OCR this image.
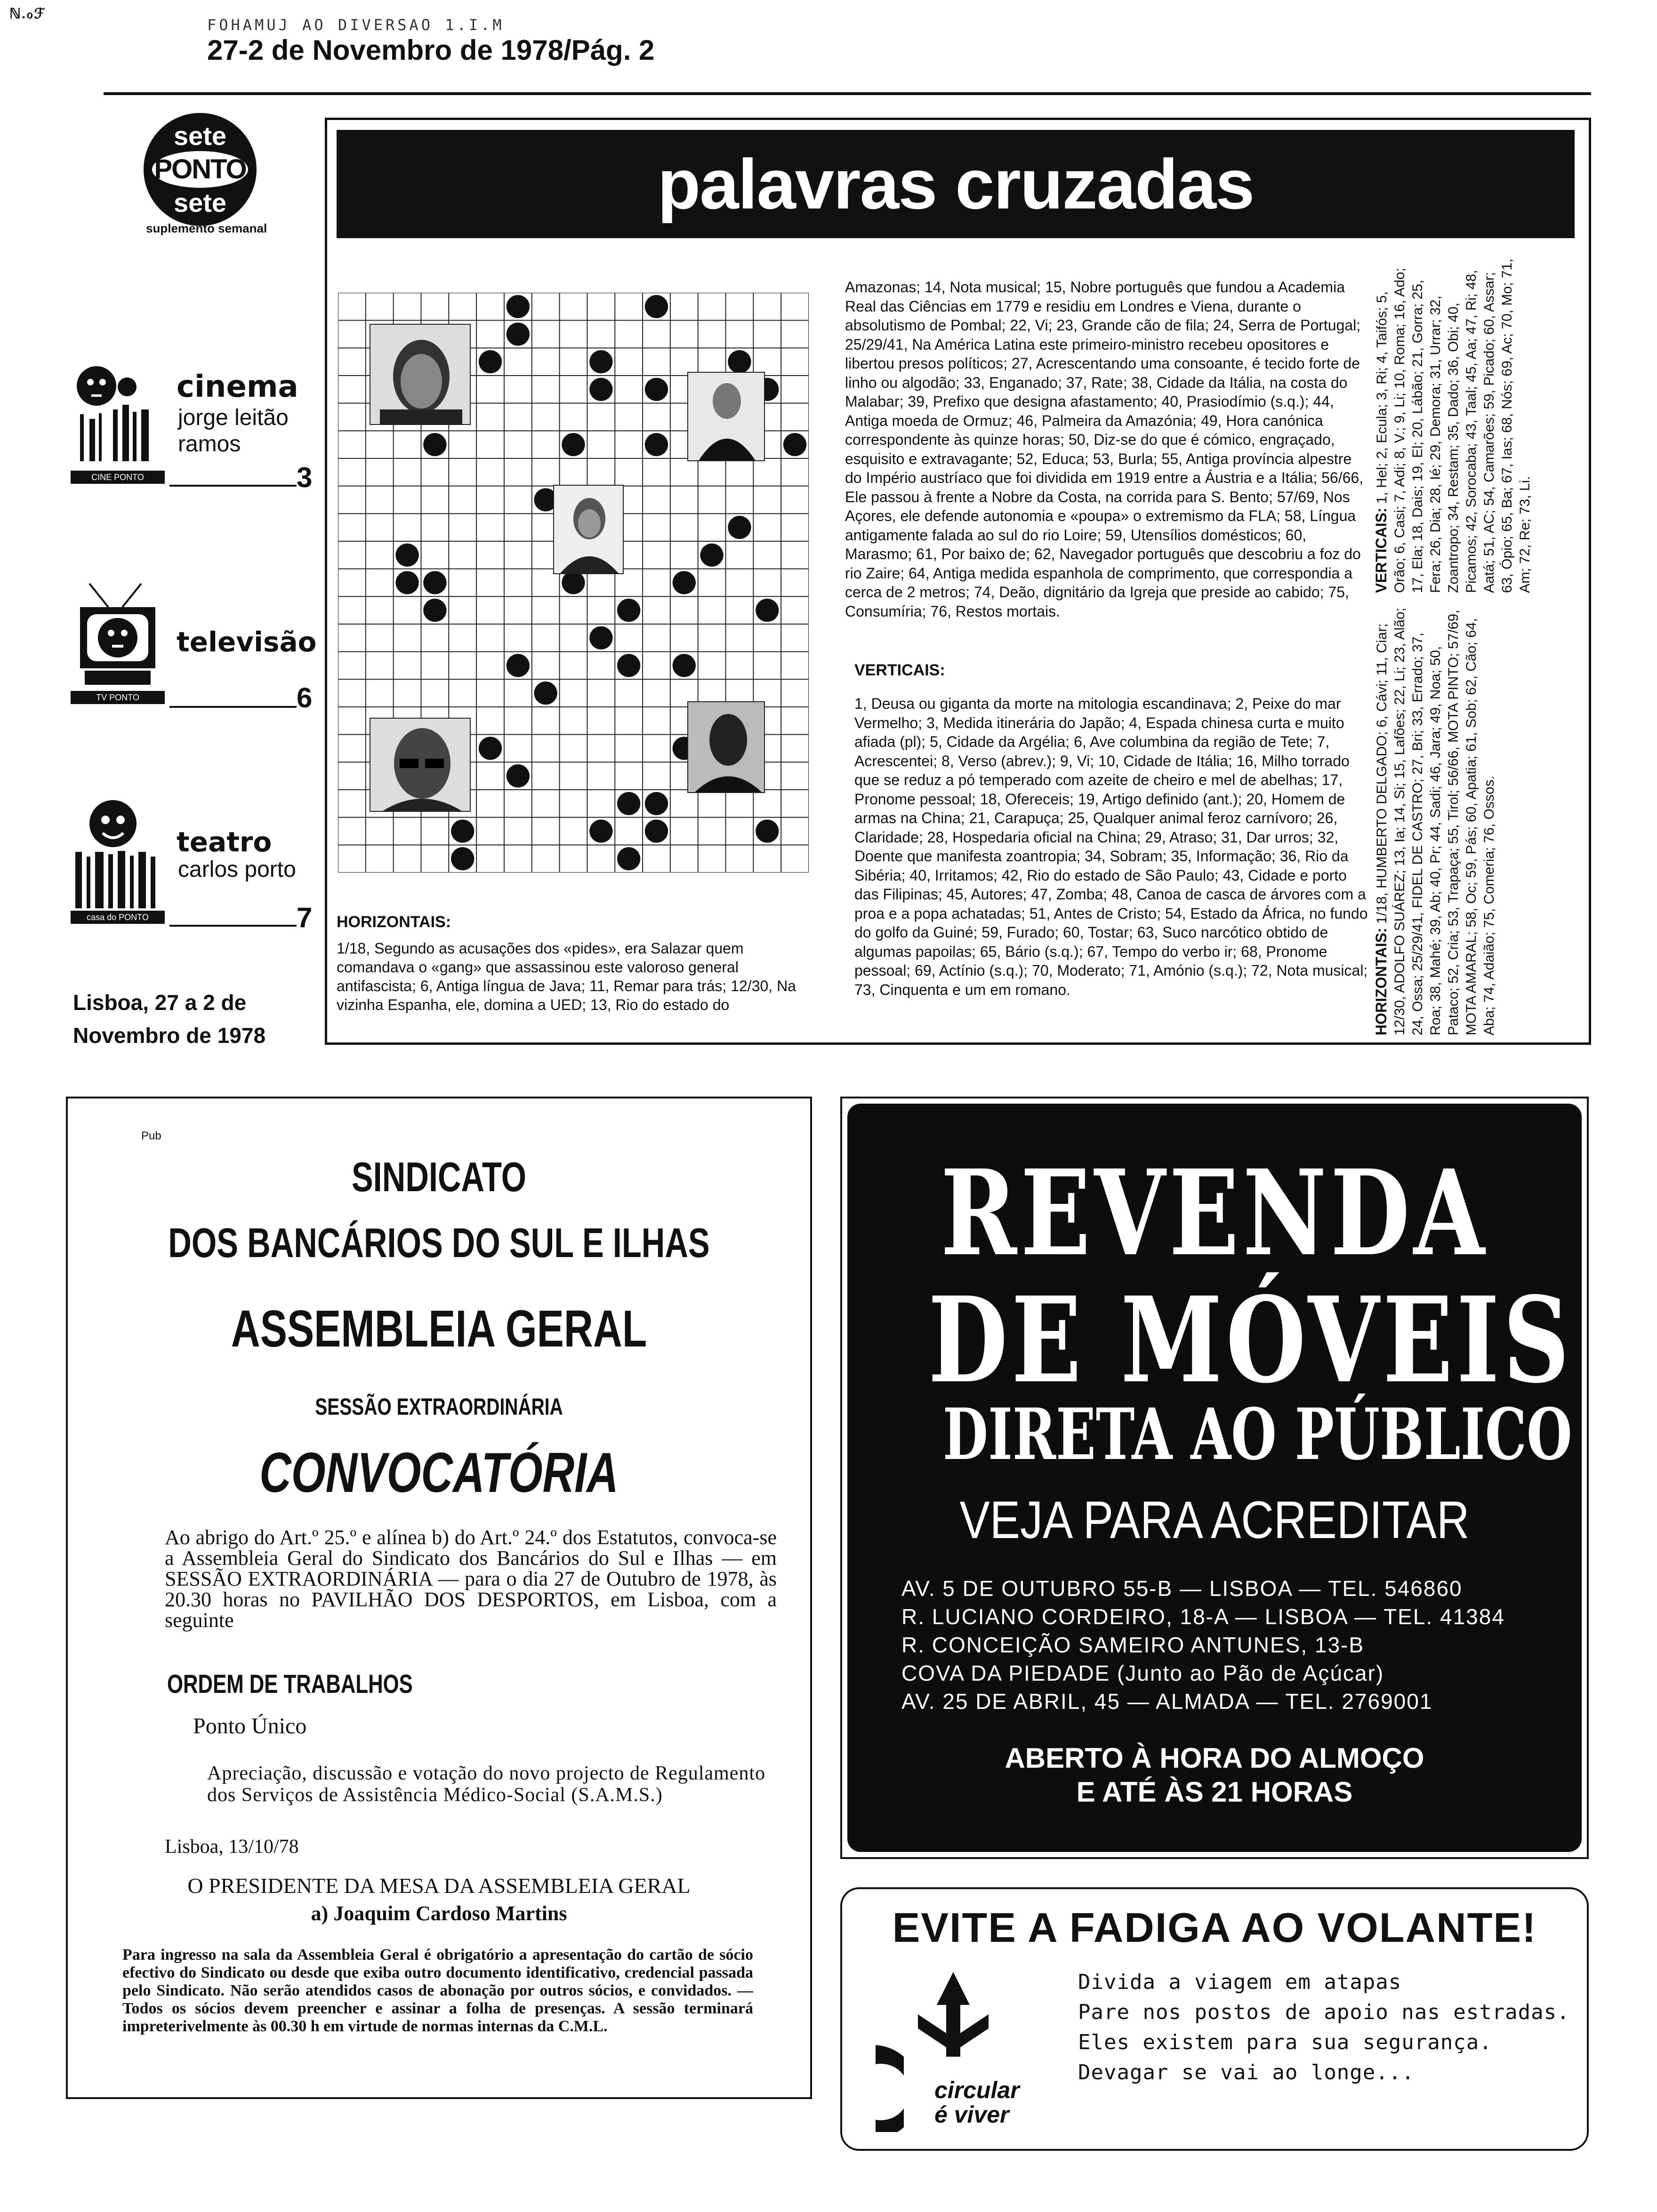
ℕ.ℴℱ
FOHAMUJ AO DIVERSAO 1.I.M
27-2 de Novembro de 1978/Pág. 2
sete
PONTO
sete
suplemento semanal
cinema
jorge leitão ramos
CINE PONTO	3
televisão
TV PONTO	6
teatro
carlos porto
casa do PONTO	7
Lisboa, 27 a 2 de Novembro de 1978
palavras cruzadas
HORIZONTAIS:
1/18, Segundo as acusações dos «pides», era Salazar quem comandava o «gang» que assassinou este valoroso general antifascista; 6, Antiga língua de Java; 11, Remar para trás; 12/30, Na vizinha Espanha, ele, domina a UED; 13, Rio do estado do
Amazonas; 14, Nota musical; 15, Nobre português que fundou a Academia Real das Ciências em 1779 e residiu em Londres e Viena, durante o absolutismo de Pombal; 22, Vi; 23, Grande cão de fila; 24, Serra de Portugal; 25/29/41, Na América Latina este primeiro-ministro recebeu opositores e libertou presos políticos; 27, Acrescentando uma consoante, é tecido forte de linho ou algodão; 33, Enganado; 37, Rate; 38, Cidade da Itália, na costa do Malabar; 39, Prefixo que designa afastamento; 40, Prasiodímio (s.q.); 44, Antiga moeda de Ormuz; 46, Palmeira da Amazónia; 49, Hora canónica correspondente às quinze horas; 50, Diz-se do que é cómico, engraçado, esquisito e extravagante; 52, Educa; 53, Burla; 55, Antiga província alpestre do Império austríaco que foi dividida em 1919 entre a Áustria e a Itália; 56/66, Ele passou à frente a Nobre da Costa, na corrida para S. Bento; 57/69, Nos Açores, ele defende autonomia e «poupa» o extremismo da FLA; 58, Língua antigamente falada ao sul do rio Loire; 59, Utensílios domésticos; 60, Marasmo; 61, Por baixo de; 62, Navegador português que descobriu a foz do rio Zaire; 64, Antiga medida espanhola de comprimento, que correspondia a cerca de 2 metros; 74, Deão, dignitário da Igreja que preside ao cabido; 75, Consumíria; 76, Restos mortais.
VERTICAIS:
1, Deusa ou giganta da morte na mitologia escandinava; 2, Peixe do mar Vermelho; 3, Medida itinerária do Japão; 4, Espada chinesa curta e muito afiada (pl); 5, Cidade da Argélia; 6, Ave columbina da região de Tete; 7, Acrescentei; 8, Verso (abrev.); 9, Vi; 10, Cidade de Itália; 16, Milho torrado que se reduz a pó temperado com azeite de cheiro e mel de abelhas; 17, Pronome pessoal; 18, Ofereceis; 19, Artigo definido (ant.); 20, Homem de armas na China; 21, Carapuça; 25, Qualquer animal feroz carnívoro; 26, Claridade; 28, Hospedaria oficial na China; 29, Atraso; 31, Dar urros; 32, Doente que manifesta zoantropia; 34, Sobram; 35, Informação; 36, Rio da Sibéria; 40, Irritamos; 42, Rio do estado de São Paulo; 43, Cidade e porto das Filipinas; 45, Autores; 47, Zomba; 48, Canoa de casca de árvores com a proa e a popa achatadas; 51, Antes de Cristo; 54, Estado da África, no fundo do golfo da Guiné; 59, Furado; 60, Tostar; 63, Suco narcótico obtido de algumas papoilas; 65, Bário (s.q.); 67, Tempo do verbo ir; 68, Pronome pessoal; 69, Actínio (s.q.); 70, Moderato; 71, Amónio (s.q.); 72, Nota musical; 73, Cinquenta e um em romano.	HORIZONTAIS: 1/18, HUMBERTO DELGADO; 6, Cávi; 11, Ciar; 12/30, ADOLFO SUÁREZ; 13, Ia; 14, Si; 15, Lafões; 22, Li; 23, Alão; 24, Ossa; 25/29/41, FIDEL DE CASTRO; 27, Bri; 33, Errado; 37, Roa; 38, Mahé; 39, Ab; 40, Pr; 44, Sadi; 46, Jara; 49, Noa; 50, Pataco; 52, Cria; 53, Trapaça; 55, Tirol; 56/66, MOTA PINTO; 57/69, MOTA AMARAL; 58, Oc; 59, Pás; 60, Apatia; 61, Sob; 62, Cão; 64, Aba; 74, Adaião; 75, Comeria; 76, Ossos.
VERTICAIS: 1, Hel; 2, Ecula; 3, Ri; 4, Taifós; 5, Orão; 6, Casi; 7, Adi; 8, V.; 9, Li; 10, Roma; 16, Ado; 17, Ela; 18, Dais; 19, El; 20, Lábão; 21, Gorra; 25, Fera; 26, Dia; 28, Ié; 29, Demora; 31, Urrar; 32, Zoantropo; 34, Restam; 35, Dado; 36, Obi; 40, Picamos; 42, Sorocaba; 43, Taal; 45, Aa; 47, Ri; 48, Aatá; 51, AC; 54, Camarões; 59, Picado; 60, Assar; 63, Ópio; 65, Ba; 67, Ias; 68, Nós; 69, Ac; 70, Mo; 71, Am; 72, Re; 73, Li.
Pub
SINDICATO
DOS BANCÁRIOS DO SUL E ILHAS
ASSEMBLEIA GERAL
SESSÃO EXTRAORDINÁRIA
CONVOCATÓRIA
Ao abrigo do Art.º 25.º e alínea b) do Art.º 24.º dos Estatutos, convoca-se a Assembleia Geral do Sindicato dos Bancários do Sul e Ilhas — em SESSÃO EXTRAORDINÁRIA — para o dia 27 de Outubro de 1978, às 20.30 horas no PAVILHÃO DOS DESPORTOS, em Lisboa, com a seguinte
ORDEM DE TRABALHOS
Ponto Único
Apreciação, discussão e votação do novo projecto de Regulamento dos Serviços de Assistência Médico-Social (S.A.M.S.)
Lisboa, 13/10/78
O PRESIDENTE DA MESA DA ASSEMBLEIA GERAL
a) Joaquim Cardoso Martins
Para ingresso na sala da Assembleia Geral é obrigatório a apresentação do cartão de sócio efectivo do Sindicato ou desde que exiba outro documento identificativo, credencial passada pelo Sindicato. Não serão atendidos casos de abonação por outros sócios, e convidados. — Todos os sócios devem preencher e assinar a folha de presenças. A sessão terminará impreterivelmente às 00.30 h em virtude de normas internas da C.M.L.
REVENDA
DE MÓVEIS
DIRETA AO PÚBLICO
VEJA PARA ACREDITAR
AV. 5 DE OUTUBRO 55-B — LISBOA — TEL. 546860
R. LUCIANO CORDEIRO, 18-A — LISBOA — TEL. 41384
R. CONCEIÇÃO SAMEIRO ANTUNES, 13-B
COVA DA PIEDADE (Junto ao Pão de Açúcar)
AV. 25 DE ABRIL, 45 — ALMADA — TEL. 2769001
ABERTO À HORA DO ALMOÇO
E ATÉ ÀS 21 HORAS
EVITE A FADIGA AO VOLANTE!
circular
é viver
Divida a viagem em atapas
Pare nos postos de apoio nas estradas.
Eles existem para sua segurança.
Devagar se vai ao longe...
